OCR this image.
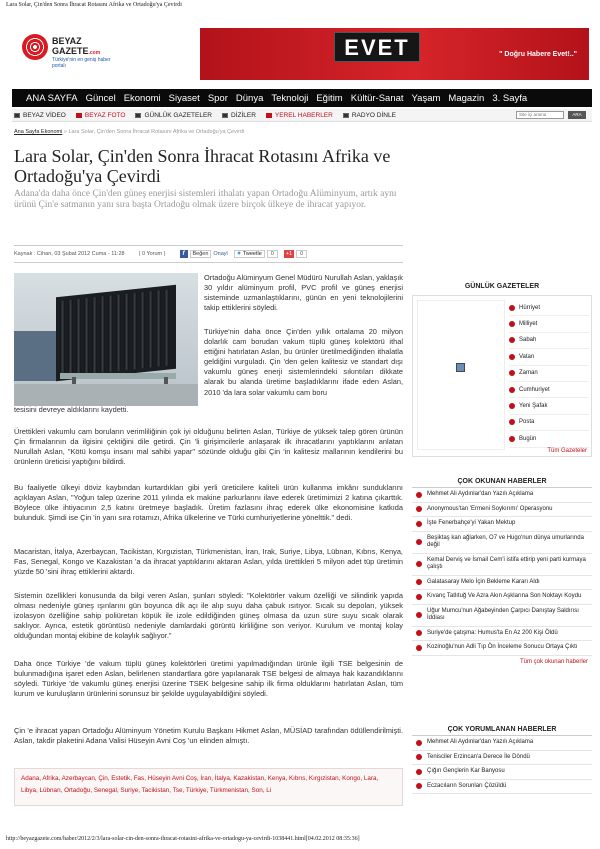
Lara Solar, Çin'den Sonra İhracat Rotasını Afrika ve Ortadoğu'ya Çevirdi
BEYAZ
GAZETE.com
Türkiye'nin en geniş haber portalı
EVET	" Doğru Habere Evet!.."
ANA SAYFA Güncel Ekonomi Siyaset Spor Dünya Teknoloji Eğitim Kültür-Sanat Yaşam Magazin 3. Sayfa
BEYAZ VİDEO	BEYAZ FOTO	GÜNLÜK GAZETELER	DİZİLER	YEREL HABERLER	RADYO DİNLE	Site içi arama	ARA
Ana Sayfa Ekonomi » Lara Solar, Çin'den Sonra İhracat Rotasını Afrika ve Ortadoğu'ya Çevirdi
Lara Solar, Çin'den Sonra İhracat Rotasını Afrika ve Ortadoğu'ya Çevirdi

Adana'da daha önce Çin'den güneş enerjisi sistemleri ithalatı yapan Ortadoğu Alüminyum, artık aynı ürünü Çin'e satmanın yanı sıra başta Ortadoğu olmak üzere birçok ülkeye de ihracat yapıyor.

Kaynak : Cihan, 03 Şubat 2012 Cuma - 11:28	( 0 Yorum )	f	Beğen Onayl	✦ Tweetle	0	+1	0
Ortadoğu Alüminyum Genel Müdürü Nurullah Aslan, yaklaşık 30 yıldır alüminyum profil, PVC profil ve güneş enerjisi sisteminde uzmanlaştıklarını, günün en yeni teknolojilerini takip ettiklerini söyledi.
Türkiye'nin daha önce Çin'den yıllık ortalama 20 milyon dolarlık cam borudan vakum tüplü güneş kolektörü ithal ettiğini hatırlatan Aslan, bu ürünler üretilmediğinden ithalatla geldiğini vurguladı. Çin 'den gelen kalitesiz ve standart dışı vakumlu güneş enerji sistemlerindeki sıkıntıları dikkate alarak bu alanda üretime başladıklarını ifade eden Aslan, 2010 'da lara solar vakumlu cam boru
tesisini devreye aldıklarını kaydetti.
Ürettikleri vakumlu cam boruların verimliliğinin çok iyi olduğunu belirten Aslan, Türkiye de yüksek talep gören ürünün Çin firmalarının da ilgisini çektiğini dile getirdi. Çin 'li girişimcilerle anlaşarak ilk ihracatlarını yaptıklarını anlatan Nurullah Aslan, "Kötü komşu insanı mal sahibi yapar" sözünde olduğu gibi Çin 'in kalitesiz mallarının kendilerini bu ürünlerin üreticisi yaptığını bildirdi.
Bu faaliyetle ülkeyi döviz kaybından kurtardıkları gibi yerli üreticilere kaliteli ürün kullanma imkânı sunduklarını açıklayan Aslan, "Yoğun talep üzerine 2011 yılında ek makine parkurlarını ilave ederek üretimimizi 2 katına çıkarttık. Böylece ülke ihtiyacının 2,5 katını üretmeye başladık. Üretim fazlasını ihraç ederek ülke ekonomisine katkıda bulunduk. Şimdi ise Çin 'in yanı sıra rotamızı, Afrika ülkelerine ve Türki cumhuriyetlerine yönelttik." dedi.
Macaristan, İtalya, Azerbaycan, Tacikistan, Kırgızistan, Türkmenistan, İran, Irak, Suriye, Libya, Lübnan, Kıbrıs, Kenya, Fas, Senegal, Kongo ve Kazakistan 'a da ihracat yaptıklarını aktaran Aslan, yılda ürettikleri 5 milyon adet tüp üretimin yüzde 50 'sini ihraç ettiklerini aktardı.
Sistemin özellikleri konusunda da bilgi veren Aslan, şunları söyledi: "Kolektörler vakum özelliği ve silindirik yapıda olması nedeniyle güneş ışınlarını gün boyunca dik açı ile alıp suyu daha çabuk ısıtıyor. Sıcak su depoları, yüksek izolasyon özelliğine sahip poliüretan köpük ile izole edildiğinden güneş olmasa da uzun süre suyu sıcak olarak saklıyor. Ayrıca, estetik görüntüsü nedeniyle damlardaki görüntü kirliliğine son veriyor. Kurulum ve montaj kolay olduğundan montaj ekibine de kolaylık sağlıyor."
Daha önce Türkiye 'de vakum tüplü güneş kolektörleri üretimi yapılmadığından ürünle ilgili TSE belgesinin de bulunmadığına işaret eden Aslan, belirlenen standartlara göre yapılanarak TSE belgesi de almaya hak kazandıklarını söyledi. Türkiye 'de vakumlu güneş enerjisi üzerine TSEK belgesine sahip ilk firma olduklarını hatırlatan Aslan, tüm kurum ve kuruluşların ürünlerini sorunsuz bir şekilde uygulayabildiğini söyledi.
Çin 'e ihracat yapan Ortadoğu Alüminyum Yönetim Kurulu Başkanı Hikmet Aslan, MÜSİAD tarafından ödüllendirilmişti. Aslan, takdir plaketini Adana Valisi Hüseyin Avni Coş 'un elinden almıştı.
Adana, Afrika, Azerbaycan, Çin, Estetik, Fas, Hüseyin Avni Coş, İran, İtalya, Kazakistan, Kenya, Kıbrıs, Kırgızistan, Kongo, Lara, Libya, Lübnan, Ortadoğu, Senegal, Suriye, Tacikistan, Tse, Türkiye, Türkmenistan, Son, Li
GÜNLÜK GAZETELER
Hürriyet
Milliyet
Sabah
Vatan
Zaman
Cumhuriyet
Yeni Şafak
Posta
Bugün
Tüm Gazeteler
ÇOK OKUNAN HABERLER
Mehmet Ali Aydınlar'dan Yazılı Açıklama
Anonymous'tan 'Ermeni Soykırımı' Operasyonu
İşte Fenerbahçe'yi Yakan Mektup
Beşiktaş kan ağlarken, O7 ve Hugo'nun dünya umurlarında değil
Kemal Derviş ve İsmail Cem'i istifa ettirip yeni parti kurmaya çalıştı
Galatasaray Melo İçin Bekleme Kararı Aldı
Kıvanç Tatlıtuğ Ve Azra Akın Aşklarına Son Noktayı Koydu
Uğur Mumcu'nun Ağabeyinden Çarpıcı Danıştay Saldırısı İddiası
Suriye'de çatışma: Humus'ta En Az 200 Kişi Öldü
Kozinoğlu'nun Adli Tıp Ön İnceleme Sonucu Ortaya Çıktı
Tüm çok okunan haberler
ÇOK YORUMLANAN HABERLER
Mehmet Ali Aydınlar'dan Yazılı Açıklama
Tenisciler Erzincan'a Derece İle Döndü
Çığın Gençlerin Kar Banyosu
Eczacıların Sorunları Çözüldü
http://beyazgazete.com/haber/2012/2/3/lara-solar-cin-den-sonra-ihracat-rotasini-afrika-ve-ortadogu-ya-cevirdi-1038441.html[04.02.2012 08:35:36]
